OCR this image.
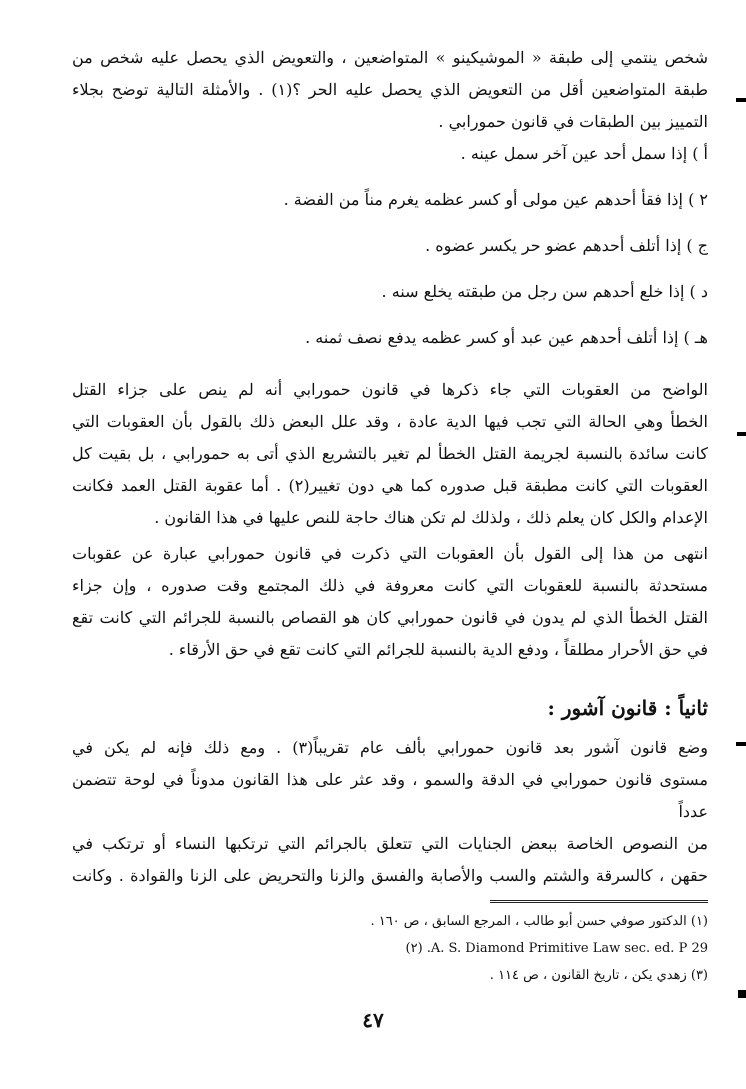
شخص ينتمي إلى طبقة « الموشيكينو » المتواضعين ، والتعويض الذي يحصل عليه شخص من
طبقة المتواضعين أقل من التعويض الذي يحصل عليه الحر ؟(١) . والأمثلة التالية توضح بجلاء
التمييز بين الطبقات في قانون حمورابي .

أ ) إذا سمل أحد عين آخر سمل عينه .
٢ ) إذا فقأ أحدهم عين مولى أو كسر عظمه يغرم مناً من الفضة .
ج ) إذا أتلف أحدهم عضو حر يكسر عضوه .
د ) إذا خلع أحدهم سن رجل من طبقته يخلع سنه .
هـ ) إذا أتلف أحدهم عين عبد أو كسر عظمه يدفع نصف ثمنه .

الواضح من العقوبات التي جاء ذكرها في قانون حمورابي أنه لم ينص على جزاء القتل
الخطأ وهي الحالة التي تجب فيها الدية عادة ، وقد علل البعض ذلك بالقول بأن العقوبات التي
كانت سائدة بالنسبة لجريمة القتل الخطأ لم تغير بالتشريع الذي أتى به حمورابي ، بل بقيت كل
العقوبات التي كانت مطبقة قبل صدوره كما هي دون تغيير(٢) . أما عقوبة القتل العمد فكانت
الإعدام والكل كان يعلم ذلك ، ولذلك لم تكن هناك حاجة للنص عليها في هذا القانون .

انتهى من هذا إلى القول بأن العقوبات التي ذكرت في قانون حمورابي عبارة عن عقوبات
مستحدثة بالنسبة للعقوبات التي كانت معروفة في ذلك المجتمع وقت صدوره ، وإن جزاء
القتل الخطأ الذي لم يدون في قانون حمورابي كان هو القصاص بالنسبة للجرائم التي كانت تقع
في حق الأحرار مطلقاً ، ودفع الدية بالنسبة للجرائم التي كانت تقع في حق الأرقاء .

ثانياً : قانون آشور :

وضع قانون آشور بعد قانون حمورابي بألف عام تقريباً(٣) . ومع ذلك فإنه لم يكن في
مستوى قانون حمورابي في الدقة والسمو ، وقد عثر على هذا القانون مدوناً في لوحة تتضمن عدداً
من النصوص الخاصة ببعض الجنايات التي تتعلق بالجرائم التي ترتكبها النساء أو ترتكب في
حقهن ، كالسرقة والشتم والسب والأصابة والفسق والزنا والتحريض على الزنا والقوادة . وكانت

(١) الدكتور صوفي حسن أبو طالب ، المرجع السابق ، ص ١٦٠ .
A. S. Diamond Primitive Law sec. ed. P 29. (٢)
(٣) زهدي يكن ، تاريخ القانون ، ص ١١٤ .
٤٧
